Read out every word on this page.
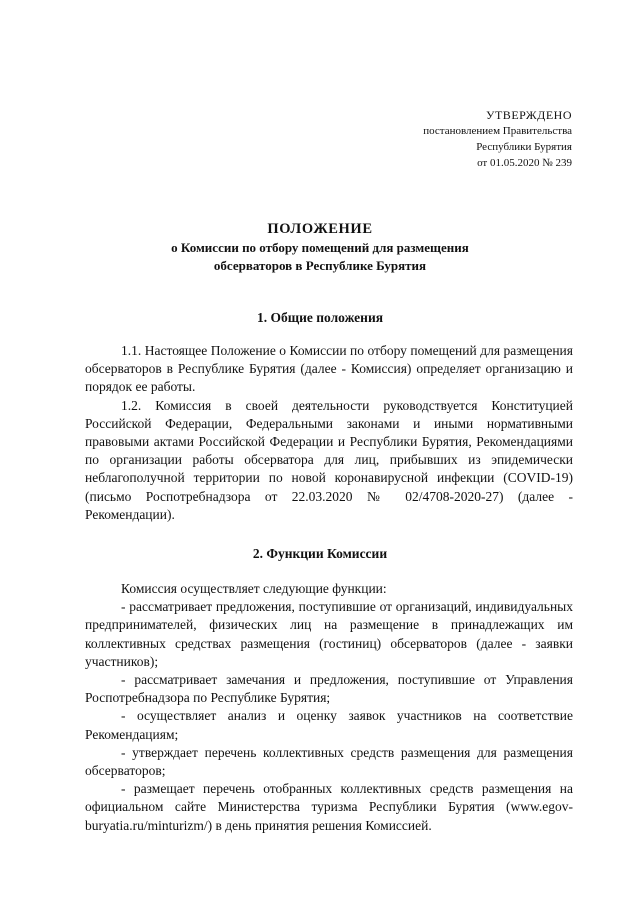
УТВЕРЖДЕНО
постановлением Правительства
Республики Бурятия
от 01.05.2020 № 239
ПОЛОЖЕНИЕ
о Комиссии по отбору помещений для размещения
обсерваторов в Республике Бурятия
1. Общие положения

1.1. Настоящее Положение о Комиссии по отбору помещений для размещения обсерваторов в Республике Бурятия (далее - Комиссия) определяет организацию и порядок ее работы.

1.2. Комиссия в своей деятельности руководствуется Конституцией Российской Федерации, Федеральными законами и иными нормативными правовыми актами Российской Федерации и Республики Бурятия, Рекомендациями по организации работы обсерватора для лиц, прибывших из эпидемически неблагополучной территории по новой коронавирусной инфекции (COVID-19) (письмо Роспотребнадзора от 22.03.2020 № 02/4708-2020-27) (далее - Рекомендации).

2. Функции Комиссии

Комиссия осуществляет следующие функции:

- рассматривает предложения, поступившие от организаций, индивидуальных предпринимателей, физических лиц на размещение в принадлежащих им коллективных средствах размещения (гостиниц) обсерваторов (далее - заявки участников);

- рассматривает замечания и предложения, поступившие от Управления Роспотребнадзора по Республике Бурятия;

- осуществляет анализ и оценку заявок участников на соответствие Рекомендациям;

- утверждает перечень коллективных средств размещения для размещения обсерваторов;

- размещает перечень отобранных коллективных средств размещения на официальном сайте Министерства туризма Республики Бурятия (www.egov-buryatia.ru/minturizm/) в день принятия решения Комиссией.
